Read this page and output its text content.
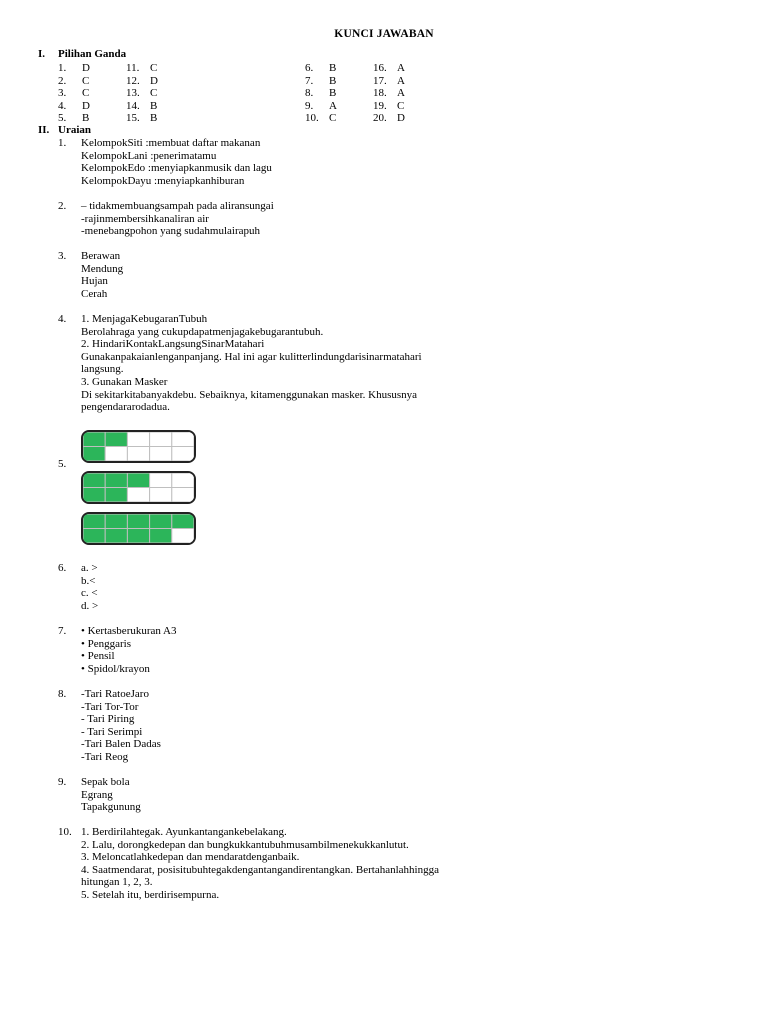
KUNCI JAWABAN
I. Pilihan Ganda
1. D
2. C
3. C
4. D
5. B
11. C
12. D
13. C
14. B
15. B
6. B
7. B
8. B
9. A
10. C
16. A
17. A
18. A
19. C
20. D
II. Uraian
1. KelompokSiti :membuat daftar makanan
KelompokLani :penerimatamu
KelompokEdo :menyiapkanmusik dan lagu
KelompokDayu :menyiapkanhiburan
2. – tidakmembuangsampah pada aliransungai
-rajinmembersihkanaliran air
-menebangpohon yang sudahmulairapuh
3. Berawan
Mendung
Hujan
Cerah
4. 1. MenjagaKebugaranTubuh
Berolahraga yang cukupdapatmenjagakebugarantubuh.
2. HindariKontakLangsungSinarMatahari
Gunakanpakaianlenganpanjang. Hal ini agar kulitterlindungdarisinarmatahari
langsung.
3. Gunakan Masker
Di sekitarkitabanyakdebu. Sebaiknya, kitamenggunakan masker. Khususnya
pengendararodadua.
5.
6. a. >
b.<
c. <
d. >
7. • Kertasberukuran A3
• Penggaris
• Pensil
• Spidol/krayon
8. -Tari RatoeJaro
-Tari Tor-Tor
- Tari Piring
- Tari Serimpi
-Tari Balen Dadas
-Tari Reog
9. Sepak bola
Egrang
Tapakgunung
10. 1. Berdirilahtegak. Ayunkantangankebelakang.
2. Lalu, dorongkedepan dan bungkukkantubuhmusambilmenekukkanlutut.
3. Meloncatlahkedepan dan mendaratdenganbaik.
4. Saatmendarat, posisitubuhtegakdengantangandirentangkan. Bertahanlahhingga
hitungan 1, 2, 3.
5. Setelah itu, berdirisempurna.
